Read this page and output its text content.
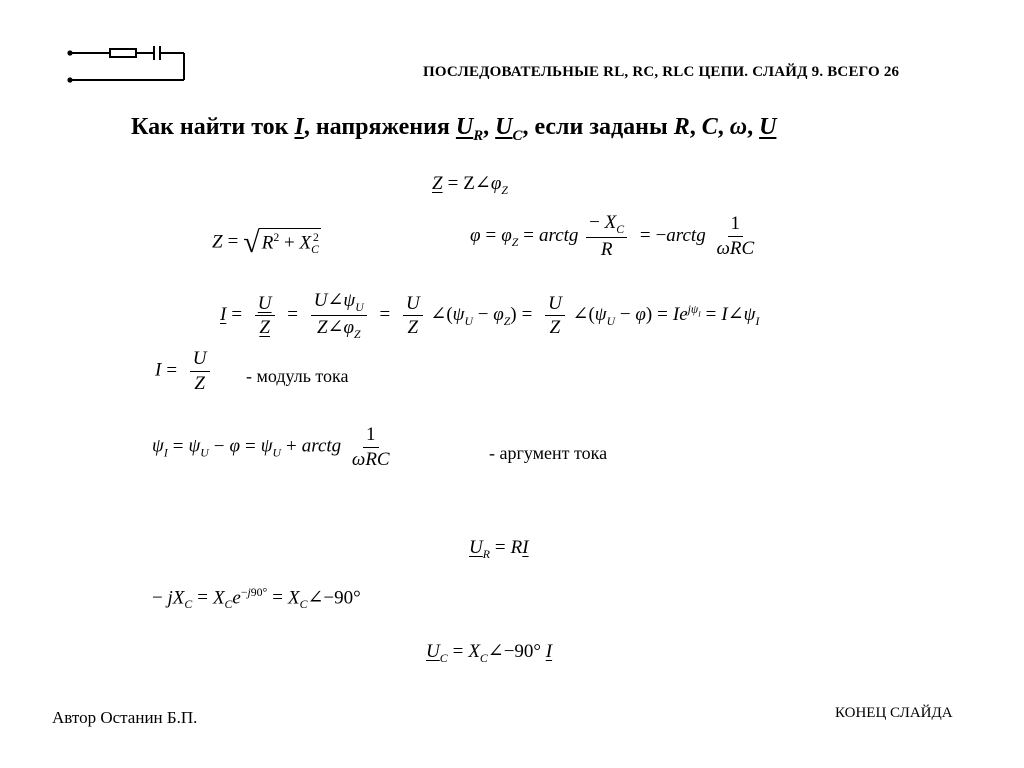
ПОСЛЕДОВАТЕЛЬНЫЕ RL, RC, RLC ЦЕПИ. СЛАЙД 9. ВСЕГО 26
Как найти ток I, напряжения $U_R$, $U_C$, если заданы R, C, ω, U
$Z = Z\angle\varphi_Z$
Z = √ $R^2 + X_C^2$	$\varphi = \varphi_Z$ = arctg $\frac{- X_C}{R}$ = −arctg $\frac{1}{\text{ωRC}}$
$I = \frac{U}{Z} = \frac{U\angle\psi_U}{Z\angle\varphi_Z} = \frac{U}{Z}$ $\angle(\psi_U - \varphi_Z) = \frac{U}{Z}$ $\angle(\psi_U - \varphi) = Ie^{j\psi_I}$ = $I\angle\psi_I$
$I = \frac{U}{Z}$ - модуль тока
$\psi_I = \psi_U - \varphi = \psi_U$ + arctg $\frac{1}{\text{ωRC}}$	- аргумент тока
$U_R$ = RI
− $jX_C = X_Ce^{-j90^\circ}$ = $X_C\angle-90^\circ$
$U_C$ = $X_C\angle-90^\circ$ I
Автор Останин Б.П.	КОНЕЦ СЛАЙДА
